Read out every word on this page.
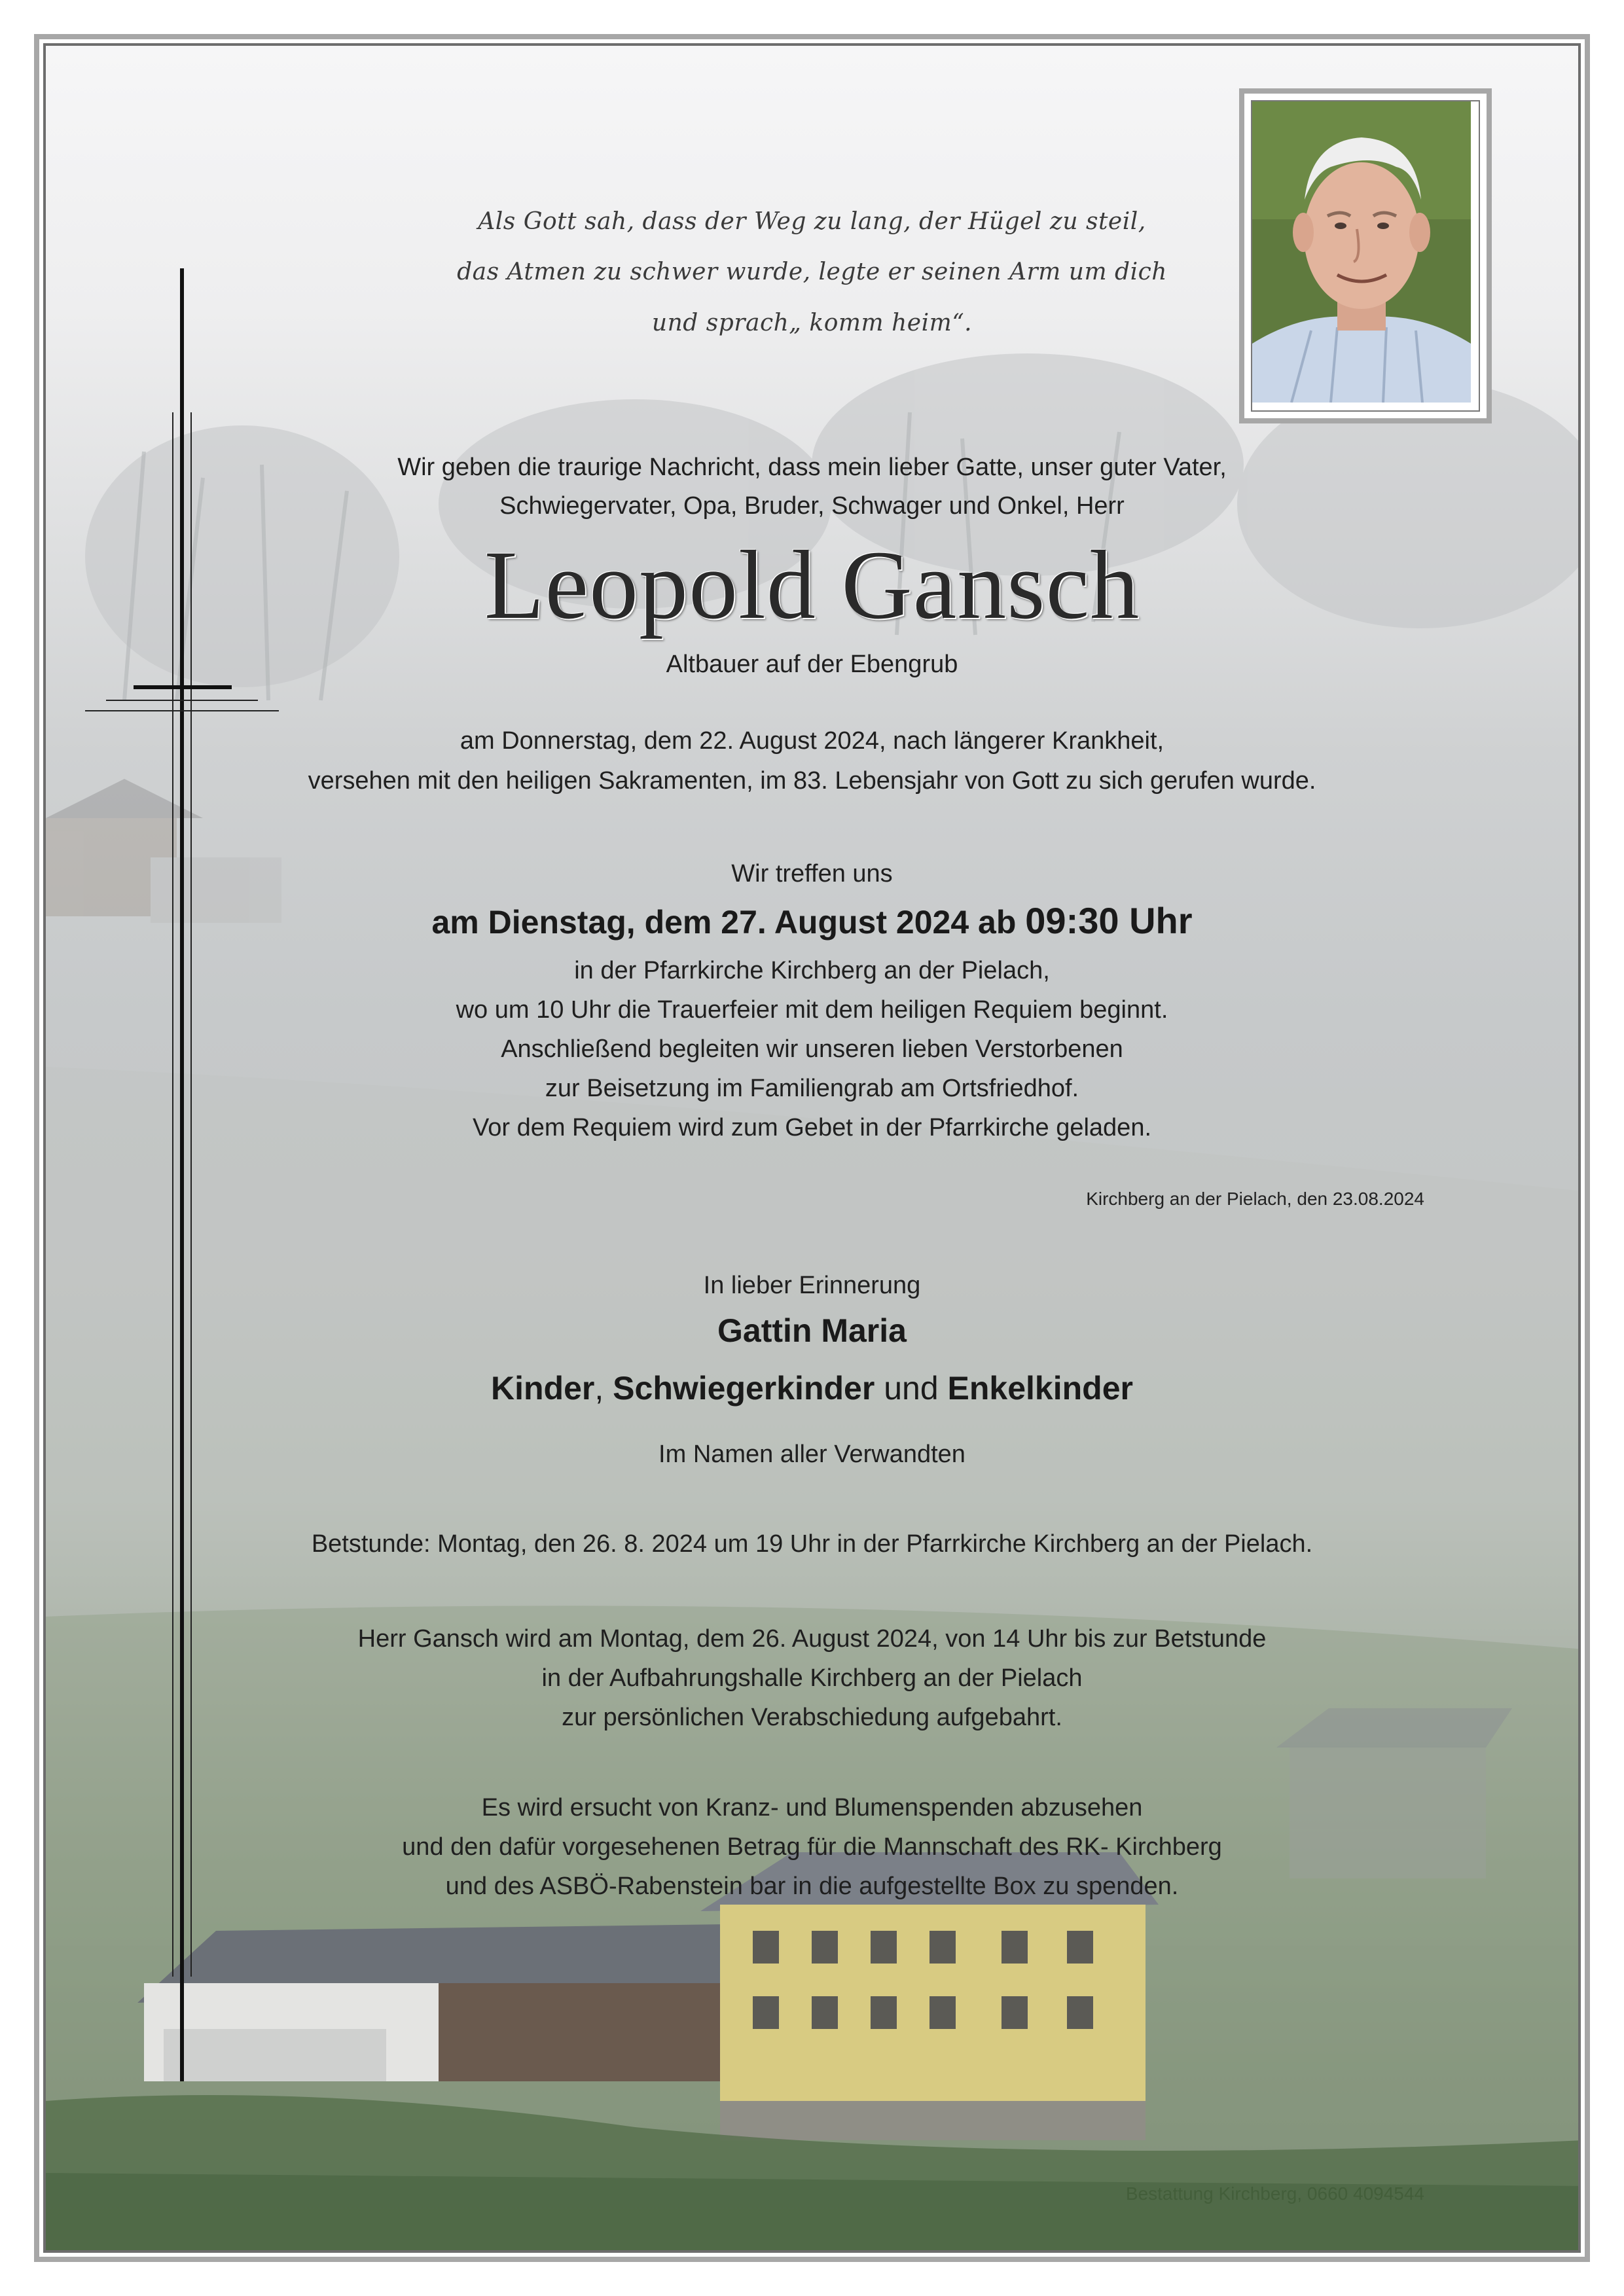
Als Gott sah, dass der Weg zu lang, der Hügel zu steil,
das Atmen zu schwer wurde, legte er seinen Arm um dich
und sprach„ komm heim“.
Wir geben die traurige Nachricht, dass mein lieber Gatte, unser guter Vater,
Schwiegervater, Opa, Bruder, Schwager und Onkel, Herr
Leopold Gansch
Altbauer auf der Ebengrub
am Donnerstag, dem 22. August 2024, nach längerer Krankheit,
versehen mit den heiligen Sakramenten, im 83. Lebensjahr von Gott zu sich gerufen wurde.
Wir treffen uns
am Dienstag, dem 27. August 2024 ab 09:30 Uhr
in der Pfarrkirche Kirchberg an der Pielach,
wo um 10 Uhr die Trauerfeier mit dem heiligen Requiem beginnt.
Anschließend begleiten wir unseren lieben Verstorbenen
zur Beisetzung im Familiengrab am Ortsfriedhof.
Vor dem Requiem wird zum Gebet in der Pfarrkirche geladen.
Kirchberg an der Pielach, den 23.08.2024
In lieber Erinnerung
Gattin Maria
Kinder, Schwiegerkinder und Enkelkinder
Im Namen aller Verwandten
Betstunde: Montag, den 26. 8. 2024 um 19 Uhr in der Pfarrkirche Kirchberg an der Pielach.
Herr Gansch wird am Montag, dem 26. August 2024, von 14 Uhr bis zur Betstunde
in der Aufbahrungshalle Kirchberg an der Pielach
zur persönlichen Verabschiedung aufgebahrt.
Es wird ersucht von Kranz- und Blumenspenden abzusehen
und den dafür vorgesehenen Betrag für die Mannschaft des RK- Kirchberg
und des ASBÖ-Rabenstein bar in die aufgestellte Box zu spenden.
Bestattung Kirchberg, 0660 4094544
